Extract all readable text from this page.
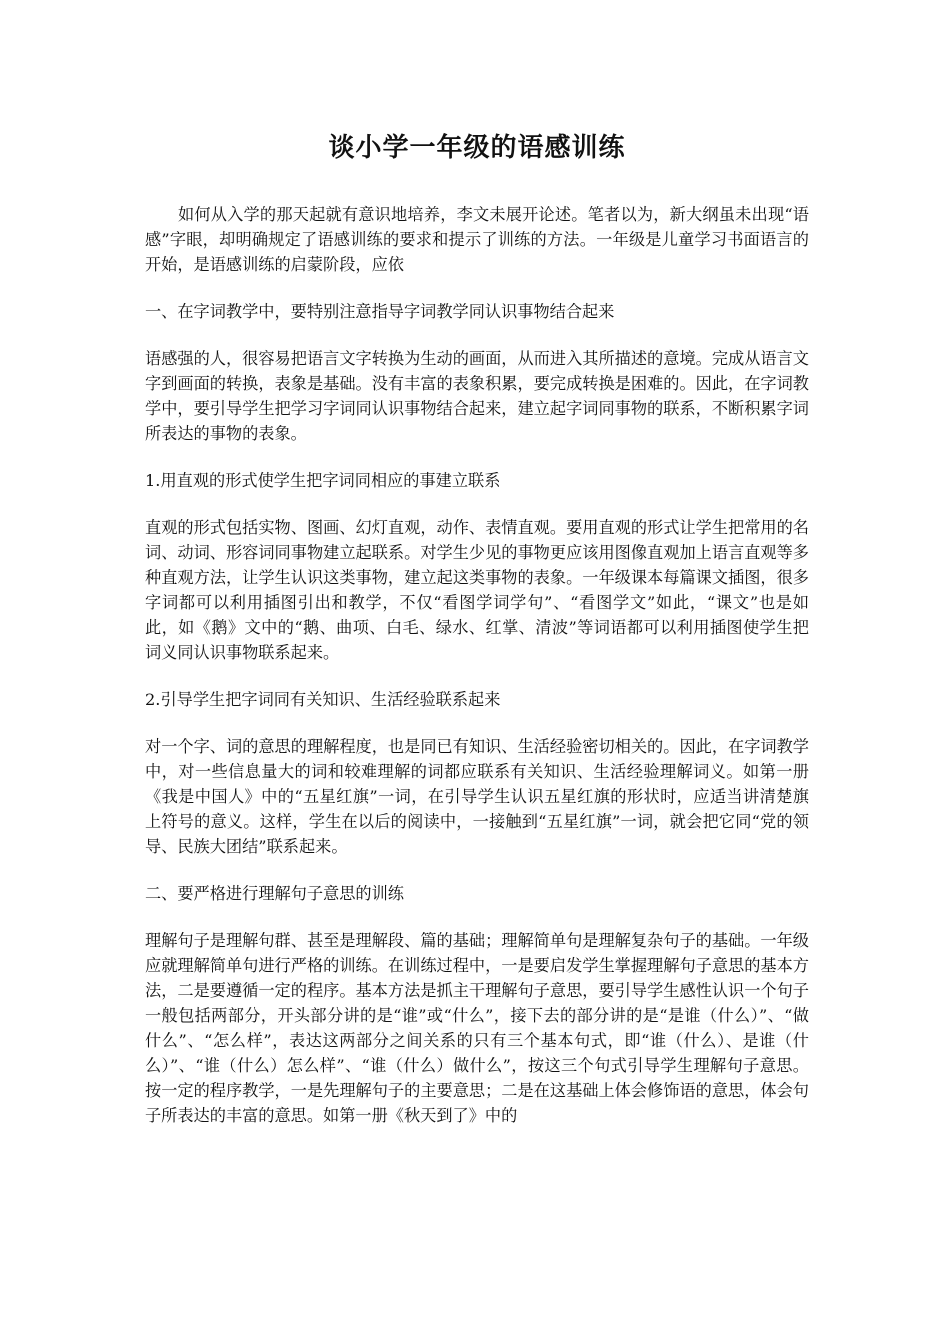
谈小学一年级的语感训练

如何从入学的那天起就有意识地培养，李文未展开论述。笔者以为，新大纲虽未出现“语感”字眼，却明确规定了语感训练的要求和提示了训练的方法。一年级是儿童学习书面语言的开始，是语感训练的启蒙阶段，应依

一、在字词教学中，要特别注意指导字词教学同认识事物结合起来

语感强的人，很容易把语言文字转换为生动的画面，从而进入其所描述的意境。完成从语言文字到画面的转换，表象是基础。没有丰富的表象积累，要完成转换是困难的。因此，在字词教学中，要引导学生把学习字词同认识事物结合起来，建立起字词同事物的联系，不断积累字词所表达的事物的表象。

1.用直观的形式使学生把字词同相应的事建立联系

直观的形式包括实物、图画、幻灯直观，动作、表情直观。要用直观的形式让学生把常用的名词、动词、形容词同事物建立起联系。对学生少见的事物更应该用图像直观加上语言直观等多种直观方法，让学生认识这类事物，建立起这类事物的表象。一年级课本每篇课文插图，很多字词都可以利用插图引出和教学，不仅“看图学词学句”、“看图学文”如此，“课文”也是如此，如《鹅》文中的“鹅、曲项、白毛、绿水、红掌、清波”等词语都可以利用插图使学生把词义同认识事物联系起来。

2.引导学生把字词同有关知识、生活经验联系起来

对一个字、词的意思的理解程度，也是同已有知识、生活经验密切相关的。因此，在字词教学中，对一些信息量大的词和较难理解的词都应联系有关知识、生活经验理解词义。如第一册《我是中国人》中的“五星红旗”一词，在引导学生认识五星红旗的形状时，应适当讲清楚旗上符号的意义。这样，学生在以后的阅读中，一接触到“五星红旗”一词，就会把它同“党的领导、民族大团结”联系起来。

二、要严格进行理解句子意思的训练

理解句子是理解句群、甚至是理解段、篇的基础；理解简单句是理解复杂句子的基础。一年级应就理解简单句进行严格的训练。在训练过程中，一是要启发学生掌握理解句子意思的基本方法，二是要遵循一定的程序。基本方法是抓主干理解句子意思，要引导学生感性认识一个句子一般包括两部分，开头部分讲的是“谁”或“什么”，接下去的部分讲的是“是谁（什么）”、“做什么”、“怎么样”，表达这两部分之间关系的只有三个基本句式，即“谁（什么）、是谁（什么）”、“谁（什么）怎么样”、“谁（什么）做什么”，按这三个句式引导学生理解句子意思。按一定的程序教学，一是先理解句子的主要意思；二是在这基础上体会修饰语的意思，体会句子所表达的丰富的意思。如第一册《秋天到了》中的
